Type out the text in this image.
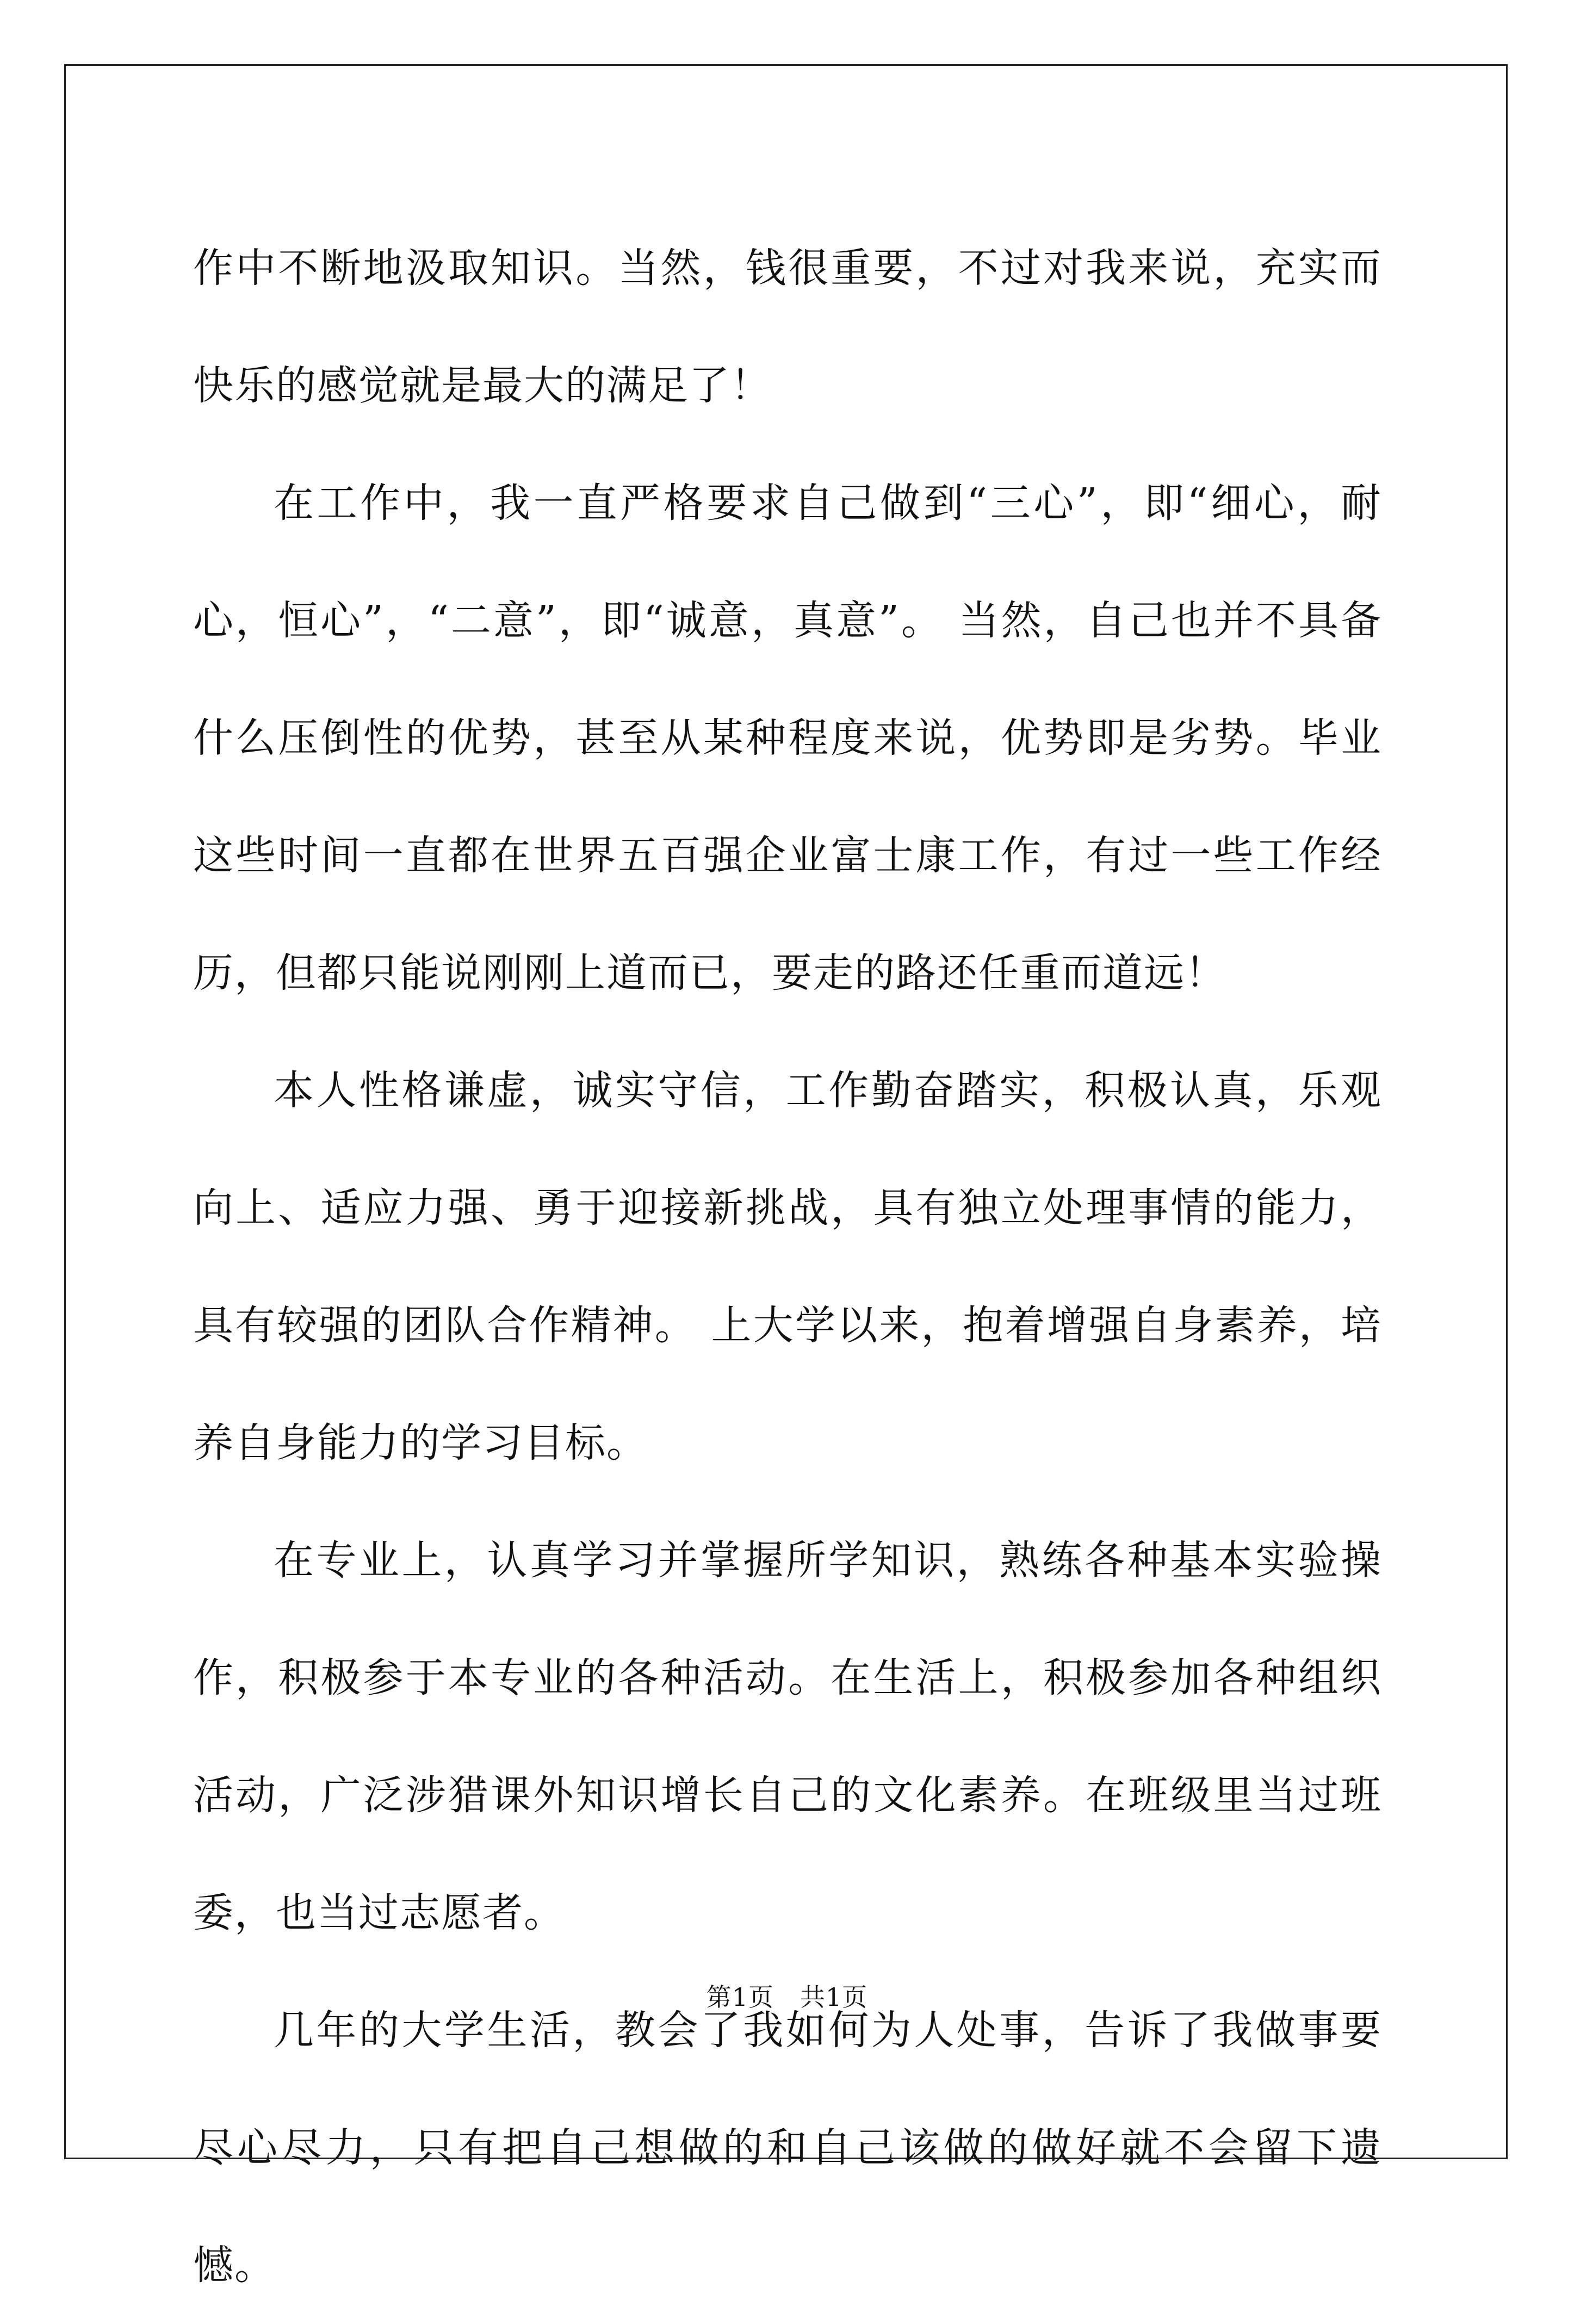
作中不断地汲取知识。当然，钱很重要，不过对我来说，充实而快乐的感觉就是最大的满足了！

在工作中，我一直严格要求自己做到“三心”，即“细心，耐心，恒心”，“二意”，即“诚意，真意”。 当然，自己也并不具备什么压倒性的优势，甚至从某种程度来说，优势即是劣势。毕业这些时间一直都在世界五百强企业富士康工作，有过一些工作经历，但都只能说刚刚上道而已，要走的路还任重而道远！

本人性格谦虚，诚实守信，工作勤奋踏实，积极认真，乐观向上、适应力强、勇于迎接新挑战，具有独立处理事情的能力，具有较强的团队合作精神。 上大学以来，抱着增强自身素养，培养自身能力的学习目标。

在专业上，认真学习并掌握所学知识，熟练各种基本实验操作，积极参于本专业的各种活动。在生活上，积极参加各种组织活动，广泛涉猎课外知识增长自己的文化素养。在班级里当过班委，也当过志愿者。

几年的大学生活，教会了我如何为人处事，告诉了我做事要尽心尽力，只有把自己想做的和自己该做的做好就不会留下遗憾。

第1页 共1页
